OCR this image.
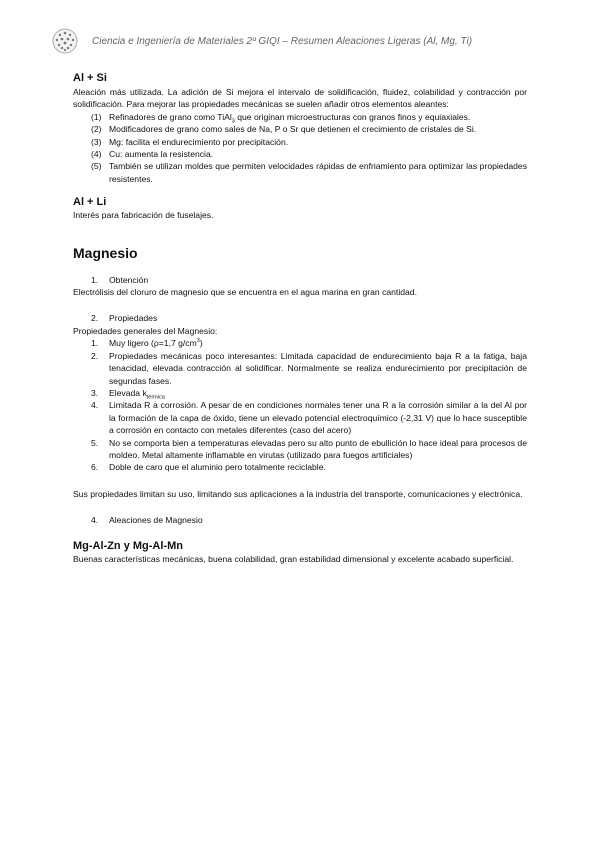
Ciencia e Ingeniería de Materiales 2º GIQI – Resumen Aleaciones Ligeras (Al, Mg, Ti)
Al + Si

Aleación más utilizada. La adición de Si mejora el intervalo de solidificación, fluidez, colabilidad y contracción por solidificación. Para mejorar las propiedades mecánicas se suelen añadir otros elementos aleantes:

(1) Refinadores de grano como TiAl$_3$ que originan microestructuras con granos finos y equiaxiales.
(2) Modificadores de grano como sales de Na, P o Sr que detienen el crecimiento de cristales de Si.
(3) Mg: facilita el endurecimiento por precipitación.
(4) Cu: aumenta la resistencia.
(5) También se utilizan moldes que permiten velocidades rápidas de enfriamiento para optimizar las propiedades resistentes.
Al + Li

Interés para fabricación de fuselajes.

Magnesio
1. Obtención

Electrólisis del cloruro de magnesio que se encuentra en el agua marina en gran cantidad.

2. Propiedades

Propiedades generales del Magnesio:

1. Muy ligero (ρ=1,7 $g/cm^3$)
2. Propiedades mecánicas poco interesantes: Limitada capacidad de endurecimiento baja R a la fatiga, baja tenacidad, elevada contracción al solidificar. Normalmente se realiza endurecimiento por precipitación de segundas fases.
3. Elevada $k_{térmica}$
4. Limitada R a corrosión. A pesar de en condiciones normales tener una R a la corrosión similar a la del Al por la formación de la capa de óxido, tiene un elevado potencial electroquímico (-2,31 V) que lo hace susceptible a corrosión en contacto con metales diferentes (caso del acero)
5. No se comporta bien a temperaturas elevadas pero su alto punto de ebullición lo hace ideal para procesos de moldeo. Metal altamente inflamable en virutas (utilizado para fuegos artificiales)
6. Doble de caro que el aluminio pero totalmente reciclable.

Sus propiedades limitan su uso, limitando sus aplicaciones a la industria del transporte, comunicaciones y electrónica.

4. Aleaciones de Magnesio
Mg-Al-Zn y Mg-Al-Mn

Buenas características mecánicas, buena colabilidad, gran estabilidad dimensional y excelente acabado superficial.
